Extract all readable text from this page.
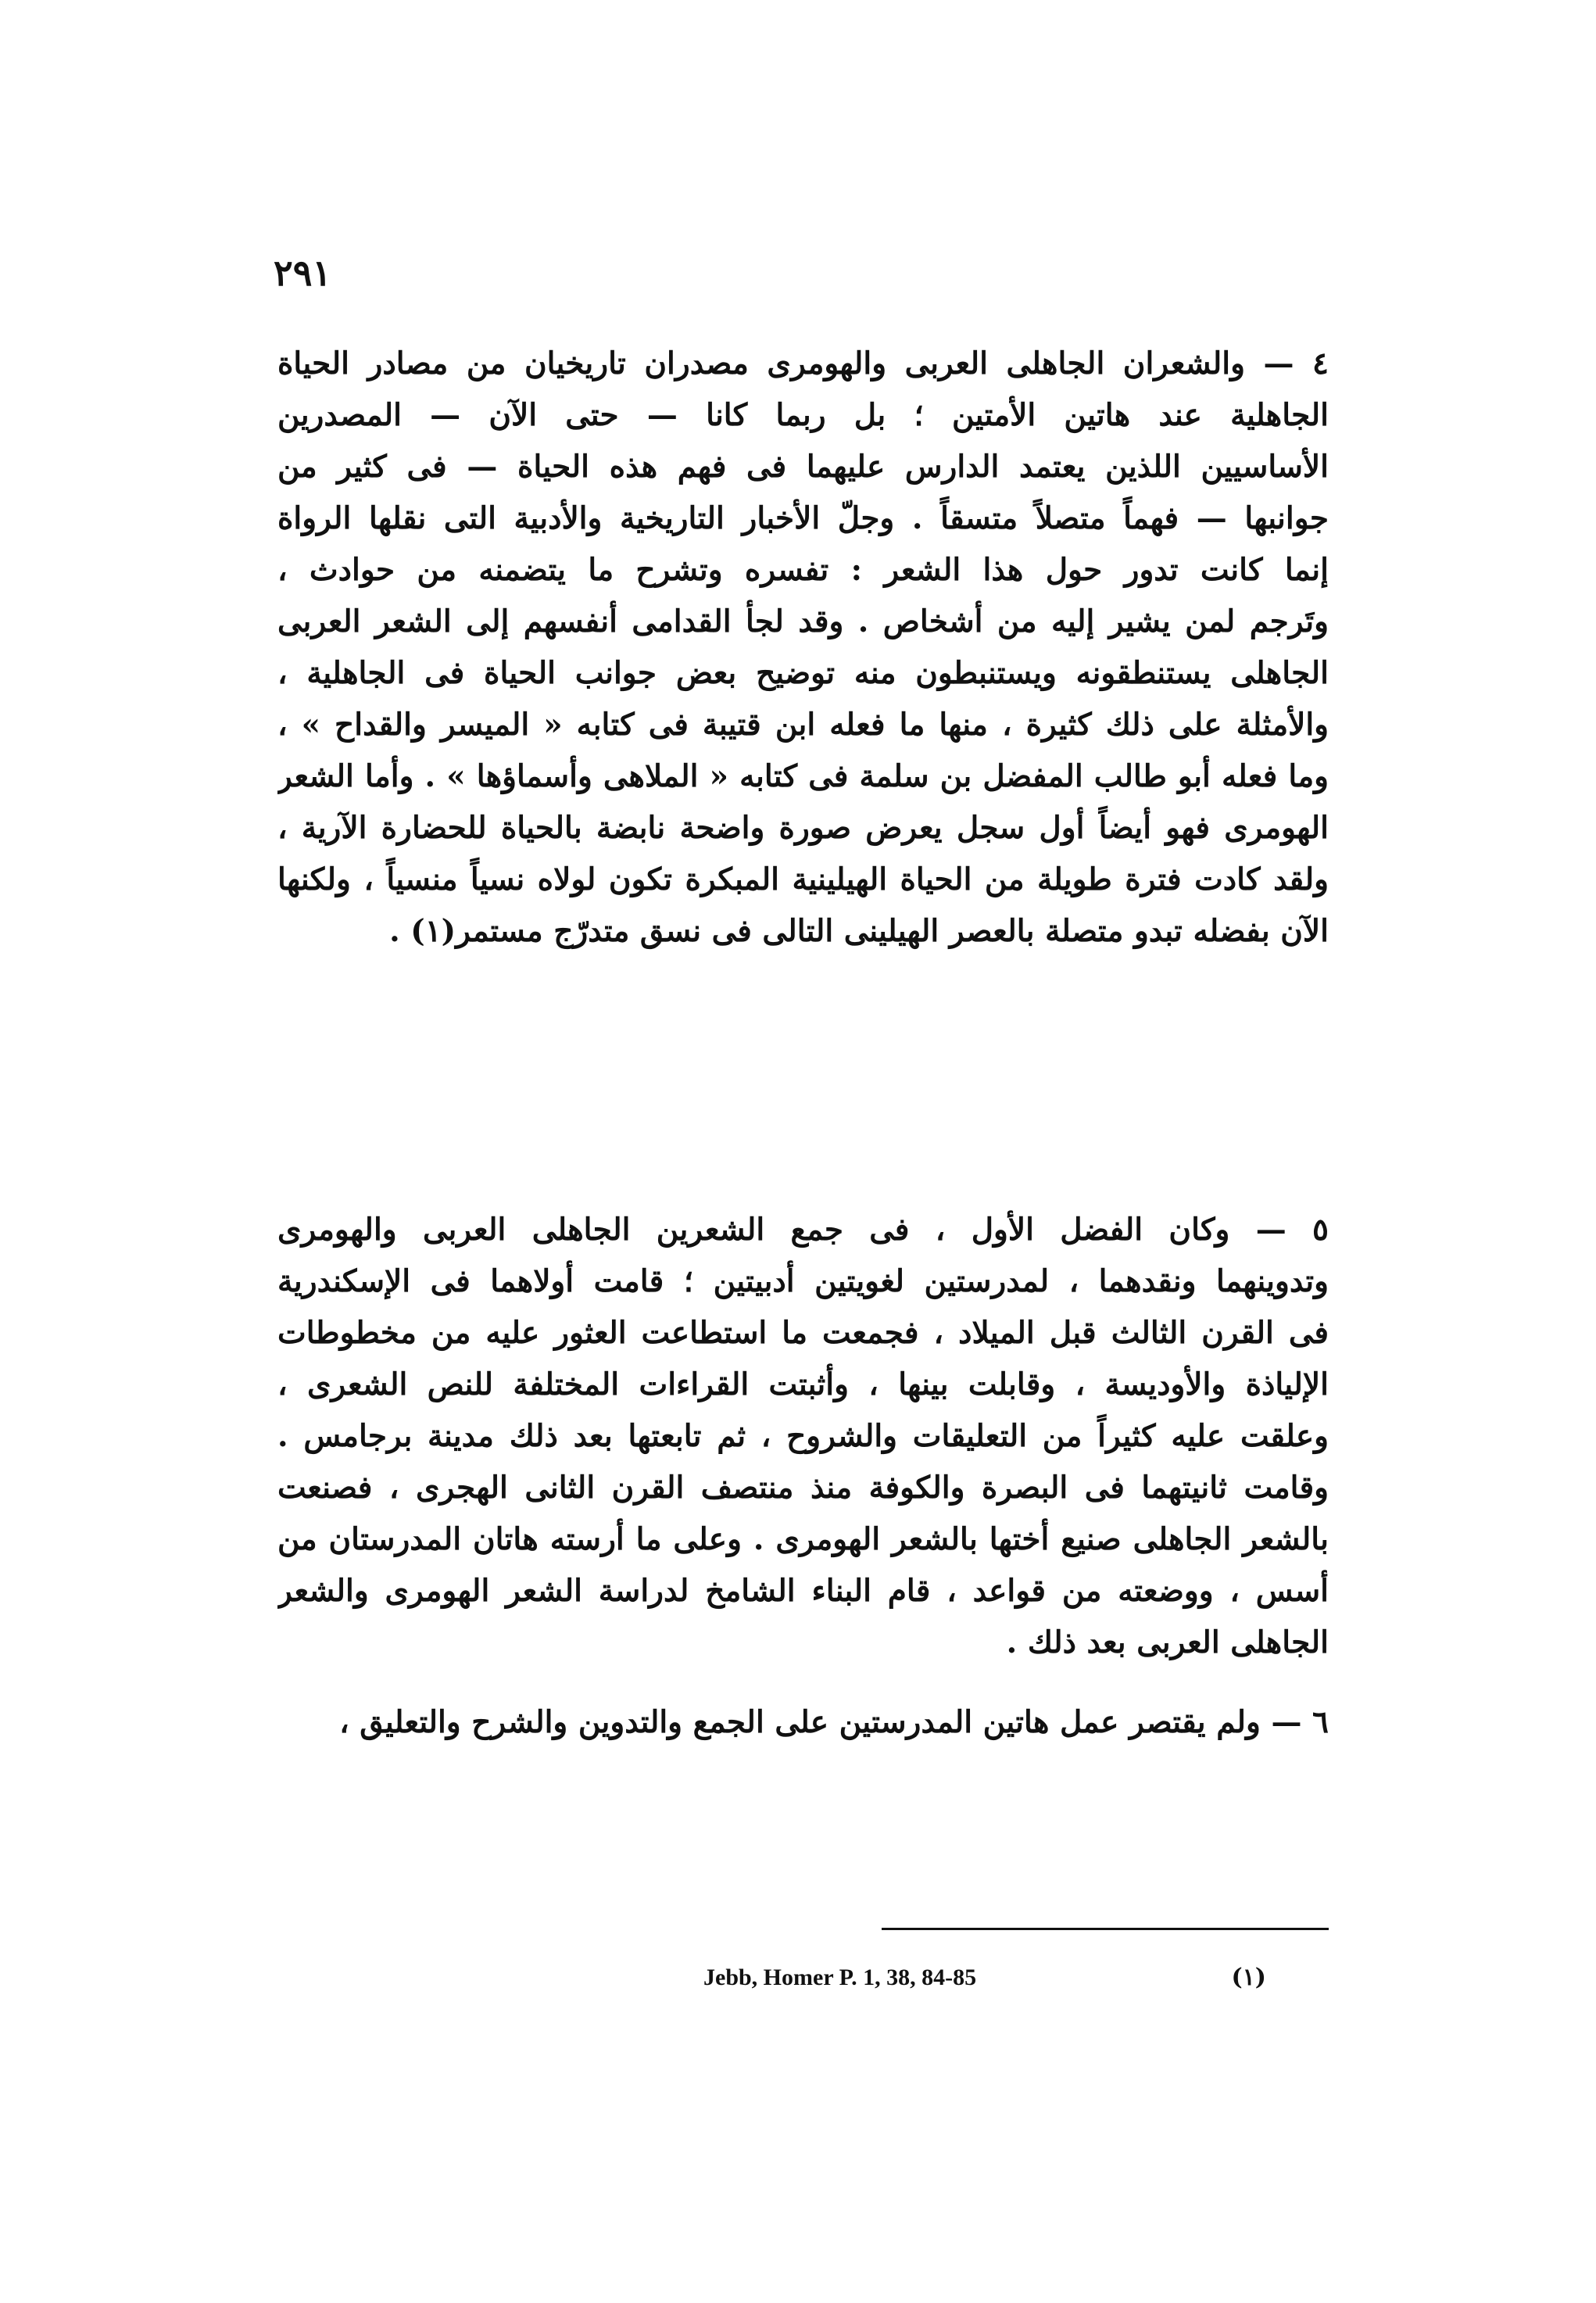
٢٩١
٤ — والشعران الجاهلى العربى والهومرى مصدران تاريخيان من مصادر الحياة
الجاهلية عند هاتين الأمتين ؛ بل ربما كانا — حتى الآن — المصدرين
الأساسيين اللذين يعتمد الدارس عليهما فى فهم هذه الحياة — فى كثير من
جوانبها — فهماً متصلاً متسقاً . وجلّ الأخبار التاريخية والأدبية التى نقلها الرواة
إنما كانت تدور حول هذا الشعر : تفسره وتشرح ما يتضمنه من حوادث ،
وتَرجم لمن يشير إليه من أشخاص . وقد لجأ القدامى أنفسهم إلى الشعر العربى
الجاهلى يستنطقونه ويستنبطون منه توضيح بعض جوانب الحياة فى الجاهلية ،
والأمثلة على ذلك كثيرة ، منها ما فعله ابن قتيبة فى كتابه « الميسر والقداح » ،
وما فعله أبو طالب المفضل بن سلمة فى كتابه « الملاهى وأسماؤها » . وأما الشعر
الهومرى فهو أيضاً أول سجل يعرض صورة واضحة نابضة بالحياة للحضارة الآرية ،
ولقد كادت فترة طويلة من الحياة الهيلينية المبكرة تكون لولاه نسياً منسياً ، ولكنها
الآن بفضله تبدو متصلة بالعصر الهيلينى التالى فى نسق متدرّج مستمر(١) .
٥ — وكان الفضل الأول ، فى جمع الشعرين الجاهلى العربى والهومرى
وتدوينهما ونقدهما ، لمدرستين لغويتين أدبيتين ؛ قامت أولاهما فى الإسكندرية
فى القرن الثالث قبل الميلاد ، فجمعت ما استطاعت العثور عليه من مخطوطات
الإلياذة والأوديسة ، وقابلت بينها ، وأثبتت القراءات المختلفة للنص الشعرى ،
وعلقت عليه كثيراً من التعليقات والشروح ، ثم تابعتها بعد ذلك مدينة برجامس .
وقامت ثانيتهما فى البصرة والكوفة منذ منتصف القرن الثانى الهجرى ، فصنعت
بالشعر الجاهلى صنيع أختها بالشعر الهومرى . وعلى ما أرسته هاتان المدرستان من
أسس ، ووضعته من قواعد ، قام البناء الشامخ لدراسة الشعر الهومرى والشعر
الجاهلى العربى بعد ذلك .
٦ — ولم يقتصر عمل هاتين المدرستين على الجمع والتدوين والشرح والتعليق ،
Jebb, Homer P. 1, 38, 84-85	(١)
